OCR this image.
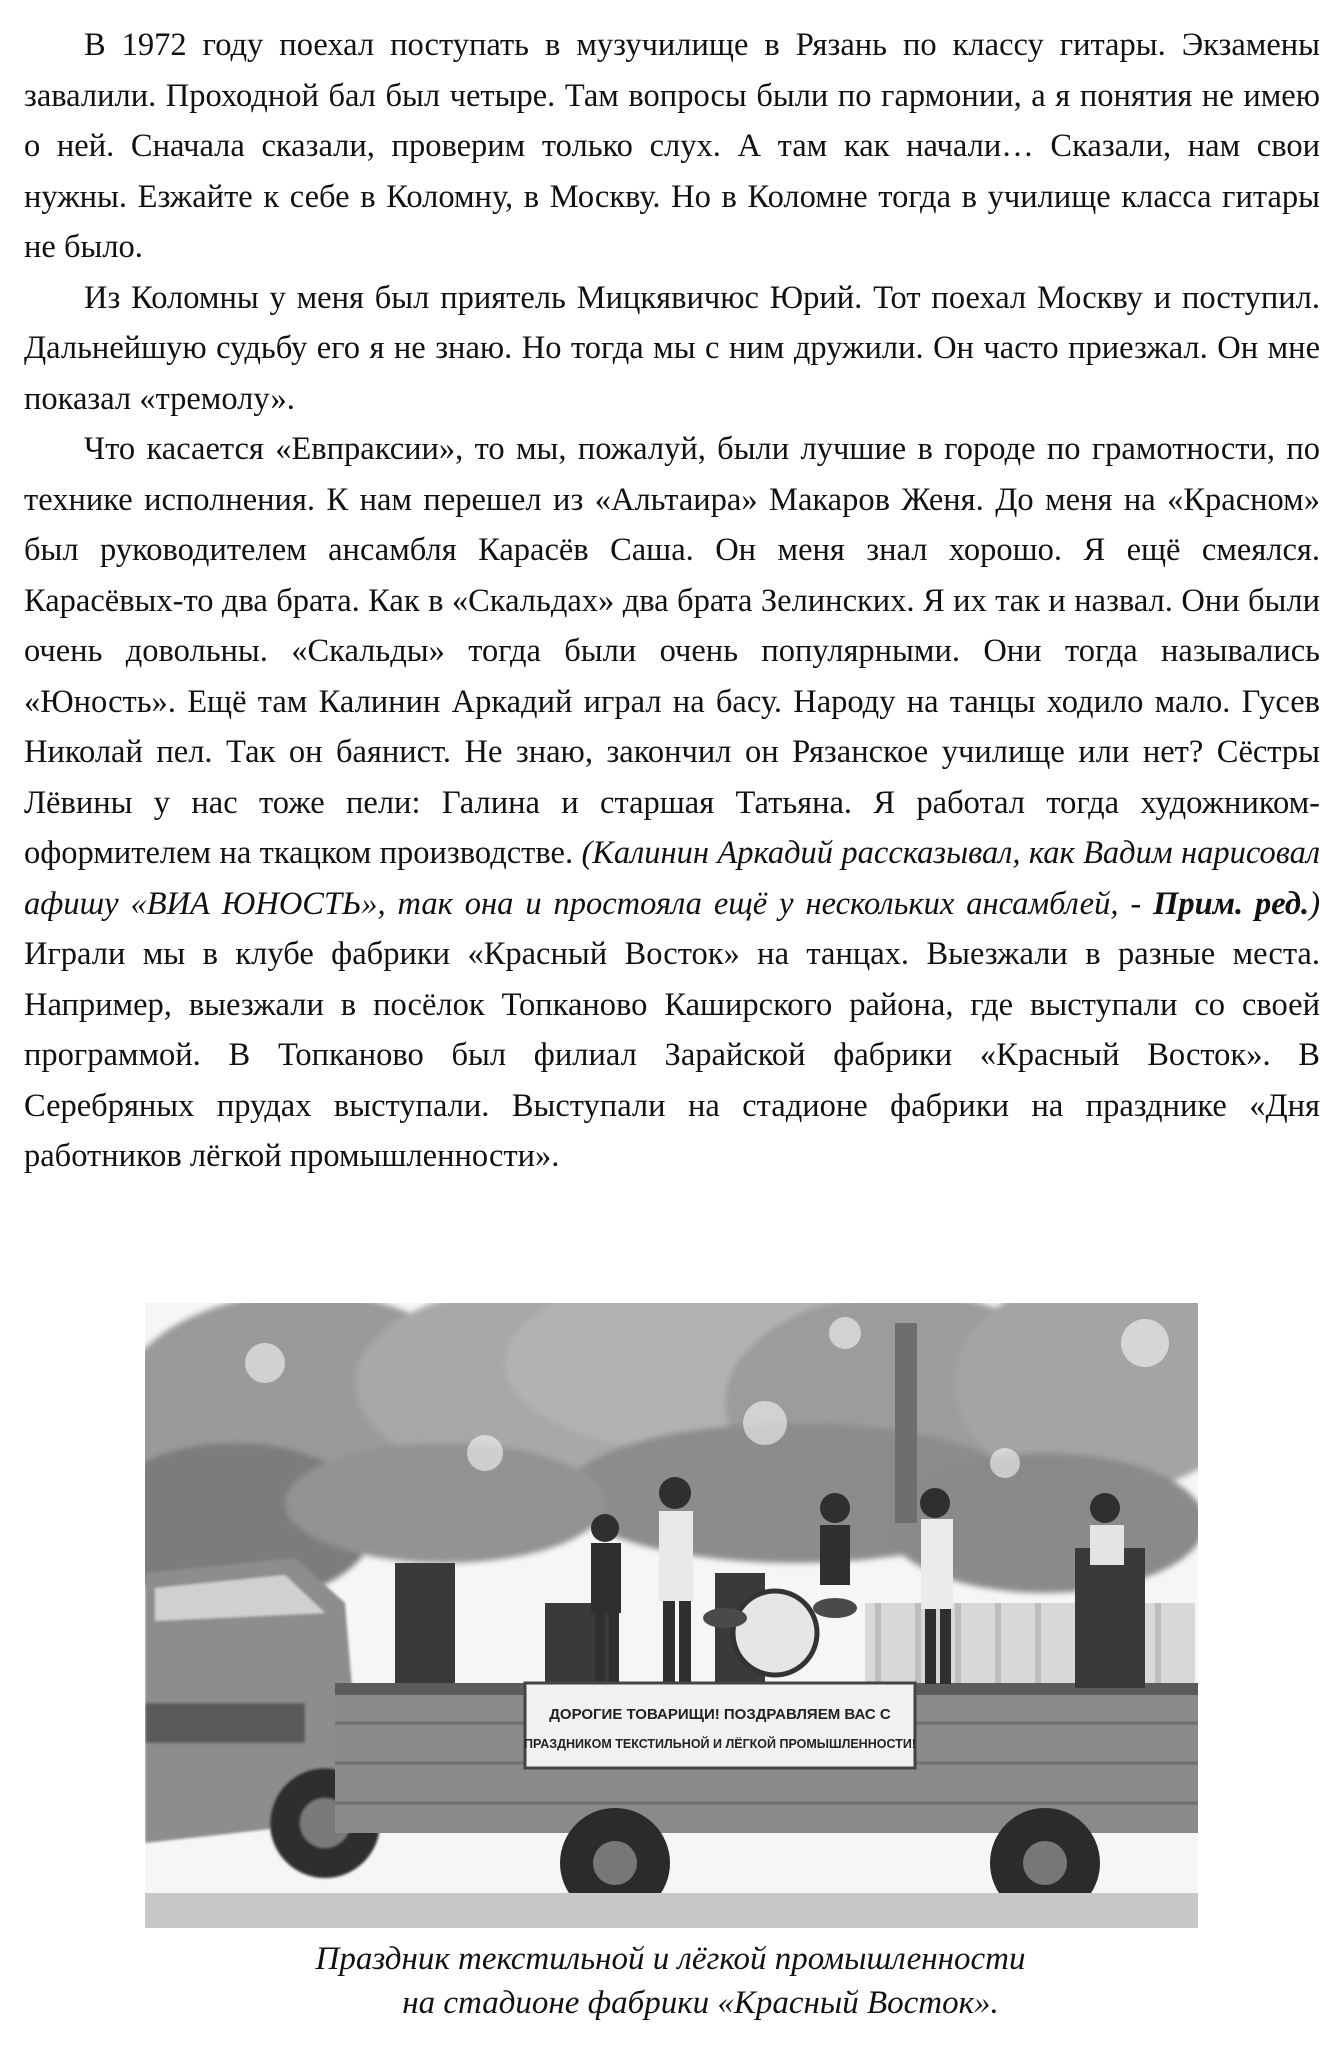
В 1972 году поехал поступать в музучилище в Рязань по классу гитары. Экзамены завалили. Проходной бал был четыре. Там вопросы были по гармонии, а я понятия не имею о ней. Сначала сказали, проверим только слух. А там как начали… Сказали, нам свои нужны. Езжайте к себе в Коломну, в Москву. Но в Коломне тогда в училище класса гитары не было.

Из Коломны у меня был приятель Мицкявичюс Юрий. Тот поехал Москву и поступил. Дальнейшую судьбу его я не знаю. Но тогда мы с ним дружили. Он часто приезжал. Он мне показал «тремолу».

Что касается «Евпраксии», то мы, пожалуй, были лучшие в городе по грамотности, по технике исполнения. К нам перешел из «Альтаира» Макаров Женя. До меня на «Красном» был руководителем ансамбля Карасёв Саша. Он меня знал хорошо. Я ещё смеялся. Карасёвых-то два брата. Как в «Скальдах» два брата Зелинских. Я их так и назвал. Они были очень довольны. «Скальды» тогда были очень популярными. Они тогда назывались «Юность». Ещё там Калинин Аркадий играл на басу. Народу на танцы ходило мало. Гусев Николай пел. Так он баянист. Не знаю, закончил он Рязанское училище или нет? Сёстры Лёвины у нас тоже пели: Галина и старшая Татьяна. Я работал тогда художником-оформителем на ткацком производстве. (Калинин Аркадий рассказывал, как Вадим нарисовал афишу «ВИА ЮНОСТЬ», так она и простояла ещё у нескольких ансамблей, - Прим. ред.) Играли мы в клубе фабрики «Красный Восток» на танцах. Выезжали в разные места. Например, выезжали в посёлок Топканово Каширского района, где выступали со своей программой. В Топканово был филиал Зарайской фабрики «Красный Восток». В Серебряных прудах выступали. Выступали на стадионе фабрики на празднике «Дня работников лёгкой промышленности».

ДОРОГИЕ ТОВАРИЩИ! ПОЗДРАВЛЯЕМ ВАС С
ПРАЗДНИКОМ ТЕКСТИЛЬНОЙ И ЛЁГКОЙ ПРОМЫШЛЕННОСТИ!
Праздник текстильной и лёгкой промышленности
на стадионе фабрики «Красный Восток».
